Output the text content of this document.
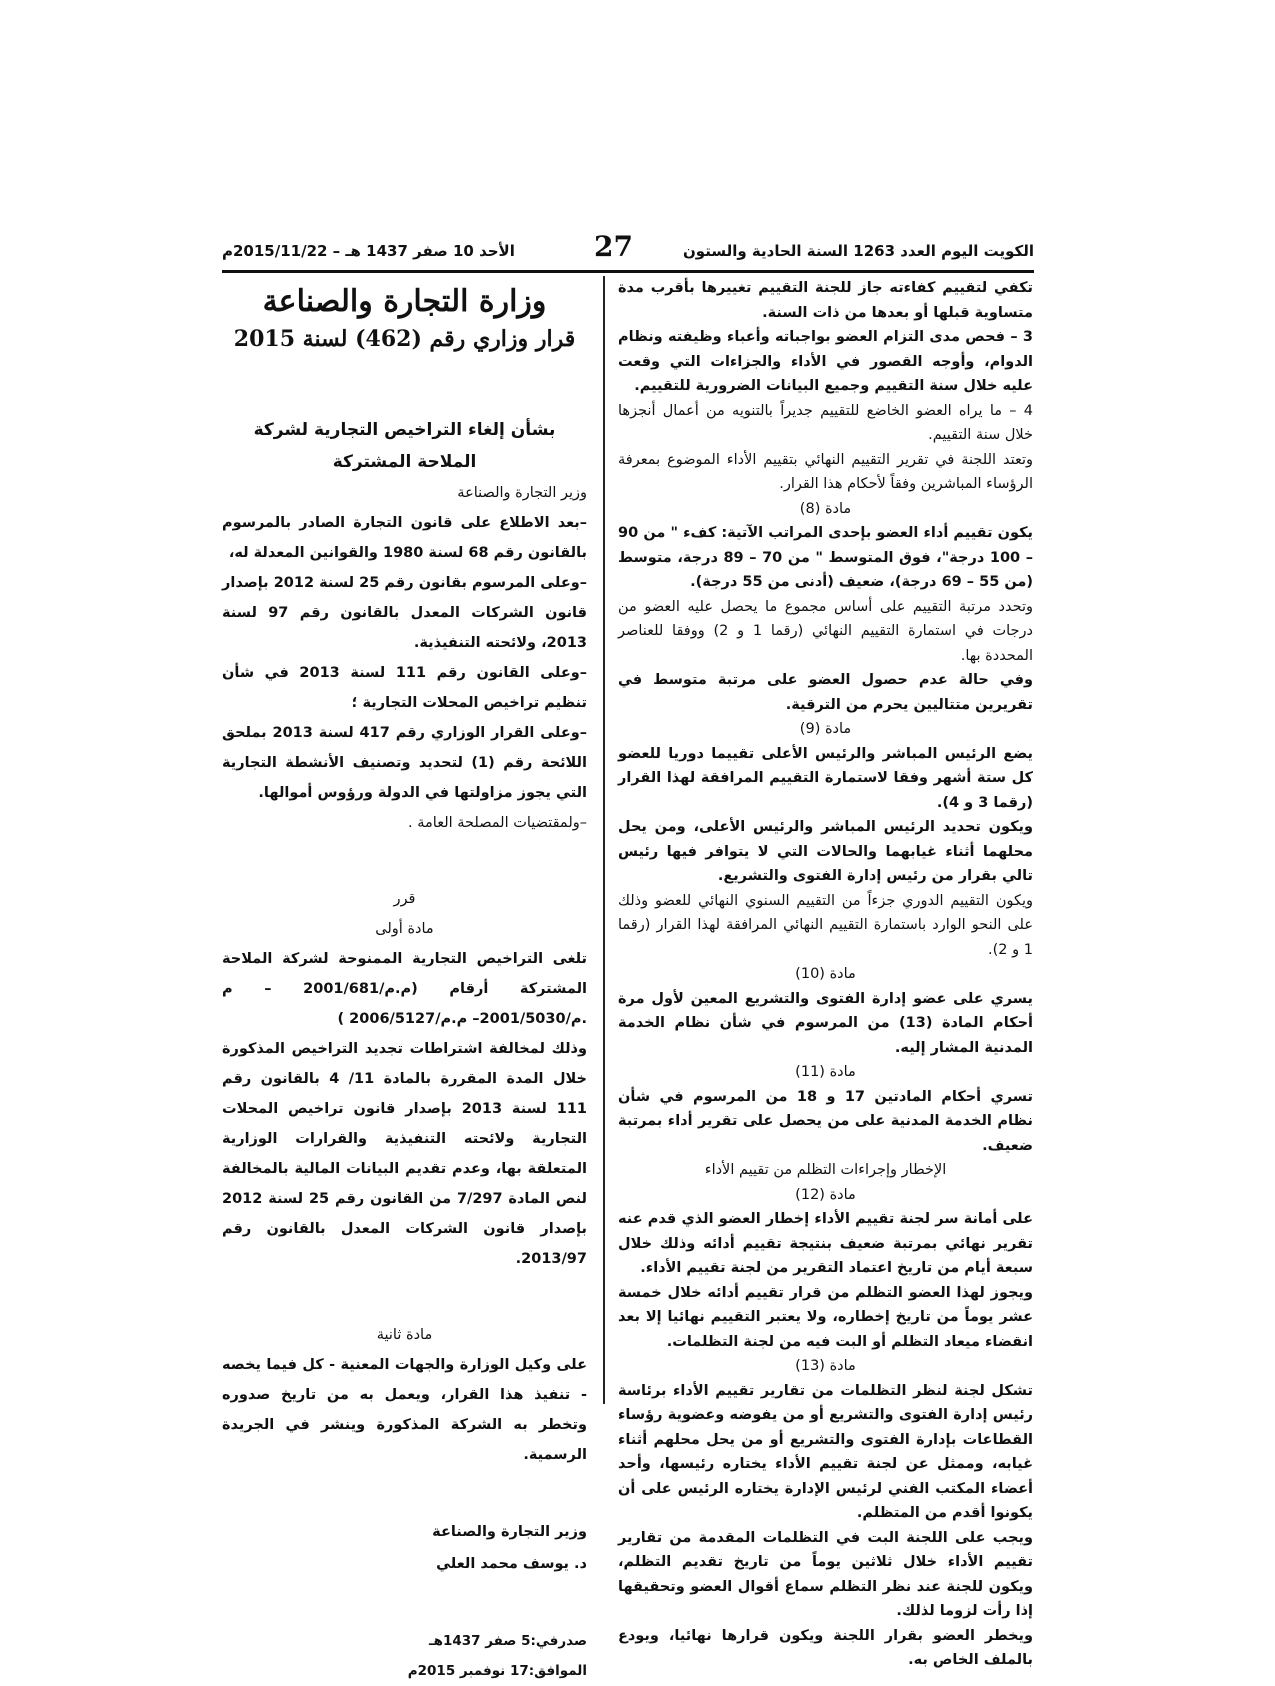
الكويت اليوم العدد 1263 السنة الحادية والستون
27
الأحد 10 صفر 1437 هـ – 2015/11/22م

تكفي لتقييم كفاءته جاز للجنة التقييم تغييرها بأقرب مدة متساوية قبلها أو بعدها من ذات السنة.

3 – فحص مدى التزام العضو بواجباته وأعباء وظيفته ونظام الدوام، وأوجه القصور في الأداء والجزاءات التي وقعت عليه خلال سنة التقييم وجميع البيانات الضرورية للتقييم.

4 – ما يراه العضو الخاضع للتقييم جديراً بالتنويه من أعمال أنجزها خلال سنة التقييم.

وتعتد اللجنة في تقرير التقييم النهائي بتقييم الأداء الموضوع بمعرفة الرؤساء المباشرين وفقاً لأحكام هذا القرار.

مادة (8)

يكون تقييم أداء العضو بإحدى المراتب الآتية: كفء " من 90 – 100 درجة"، فوق المتوسط " من 70 – 89 درجة، متوسط (من 55 – 69 درجة)، ضعيف (أدنى من 55 درجة).

وتحدد مرتبة التقييم على أساس مجموع ما يحصل عليه العضو من درجات في استمارة التقييم النهائي (رقما 1 و 2) ووفقا للعناصر المحددة بها.

وفي حالة عدم حصول العضو على مرتبة متوسط في تقريرين متتاليين يحرم من الترقية.

مادة (9)

يضع الرئيس المباشر والرئيس الأعلى تقييما دوريا للعضو كل ستة أشهر وفقا لاستمارة التقييم المرافقة لهذا القرار (رقما 3 و 4).

ويكون تحديد الرئيس المباشر والرئيس الأعلى، ومن يحل محلهما أثناء غيابهما والحالات التي لا يتوافر فيها رئيس تالي بقرار من رئيس إدارة الفتوى والتشريع.

ويكون التقييم الدوري جزءاً من التقييم السنوي النهائي للعضو وذلك على النحو الوارد باستمارة التقييم النهائي المرافقة لهذا القرار (رقما 1 و 2).

مادة (10)

يسري على عضو إدارة الفتوى والتشريع المعين لأول مرة أحكام المادة (13) من المرسوم في شأن نظام الخدمة المدنية المشار إليه.

مادة (11)

تسري أحكام المادتين 17 و 18 من المرسوم في شأن نظام الخدمة المدنية على من يحصل على تقرير أداء بمرتبة ضعيف.

الإخطار وإجراءات التظلم من تقييم الأداء

مادة (12)

على أمانة سر لجنة تقييم الأداء إخطار العضو الذي قدم عنه تقرير نهائي بمرتبة ضعيف بنتيجة تقييم أدائه وذلك خلال سبعة أيام من تاريخ اعتماد التقرير من لجنة تقييم الأداء.

ويجوز لهذا العضو التظلم من قرار تقييم أدائه خلال خمسة عشر يوماً من تاريخ إخطاره، ولا يعتبر التقييم نهائيا إلا بعد انقضاء ميعاد التظلم أو البت فيه من لجنة التظلمات.

مادة (13)

تشكل لجنة لنظر التظلمات من تقارير تقييم الأداء برئاسة رئيس إدارة الفتوى والتشريع أو من يفوضه وعضوية رؤساء القطاعات بإدارة الفتوى والتشريع أو من يحل محلهم أثناء غيابه، وممثل عن لجنة تقييم الأداء يختاره رئيسها، وأحد أعضاء المكتب الفني لرئيس الإدارة يختاره الرئيس على أن يكونوا أقدم من المتظلم.

ويجب على اللجنة البت في التظلمات المقدمة من تقارير تقييم الأداء خلال ثلاثين يوماً من تاريخ تقديم التظلم، ويكون للجنة عند نظر التظلم سماع أقوال العضو وتحقيقها إذا رأت لزوما لذلك.

ويخطر العضو بقرار اللجنة ويكون قرارها نهائيا، ويودع بالملف الخاص به.

وزارة التجارة والصناعة

قرار وزاري رقم (462) لسنة 2015

بشأن إلغاء التراخيص التجارية لشركة الملاحة المشتركة

وزير التجارة والصناعة

–بعد الاطلاع على قانون التجارة الصادر بالمرسوم بالقانون رقم 68 لسنة 1980 والقوانين المعدلة له،

–وعلى المرسوم بقانون رقم 25 لسنة 2012 بإصدار قانون الشركات المعدل بالقانون رقم 97 لسنة 2013، ولائحته التنفيذية.

–وعلى القانون رقم 111 لسنة 2013 في شأن تنظيم تراخيص المحلات التجارية ؛

–وعلى القرار الوزاري رقم 417 لسنة 2013 بملحق اللائحة رقم (1) لتحديد وتصنيف الأنشطة التجارية التي يجوز مزاولتها في الدولة ورؤوس أموالها.

–ولمقتضيات المصلحة العامة .

قرر

مادة أولى

تلغى التراخيص التجارية الممنوحة لشركة الملاحة المشتركة أرقام (م.م/2001/681 – م .م/2001/5030– م.م/2006/5127 )

وذلك لمخالفة اشتراطات تجديد التراخيص المذكورة خلال المدة المقررة بالمادة 11/ 4 بالقانون رقم 111 لسنة 2013 بإصدار قانون تراخيص المحلات التجارية ولائحته التنفيذية والقرارات الوزارية المتعلقة بها، وعدم تقديم البيانات المالية بالمخالفة لنص المادة 7/297 من القانون رقم 25 لسنة 2012 بإصدار قانون الشركات المعدل بالقانون رقم 2013/97.

مادة ثانية

على وكيل الوزارة والجهات المعنية - كل فيما يخصه - تنفيذ هذا القرار، ويعمل به من تاريخ صدوره وتخطر به الشركة المذكورة وينشر في الجريدة الرسمية.

وزير التجارة والصناعة

د. يوسف محمد العلي

صدرفي:5 صفر 1437هـ

الموافق:17 نوفمبر 2015م
